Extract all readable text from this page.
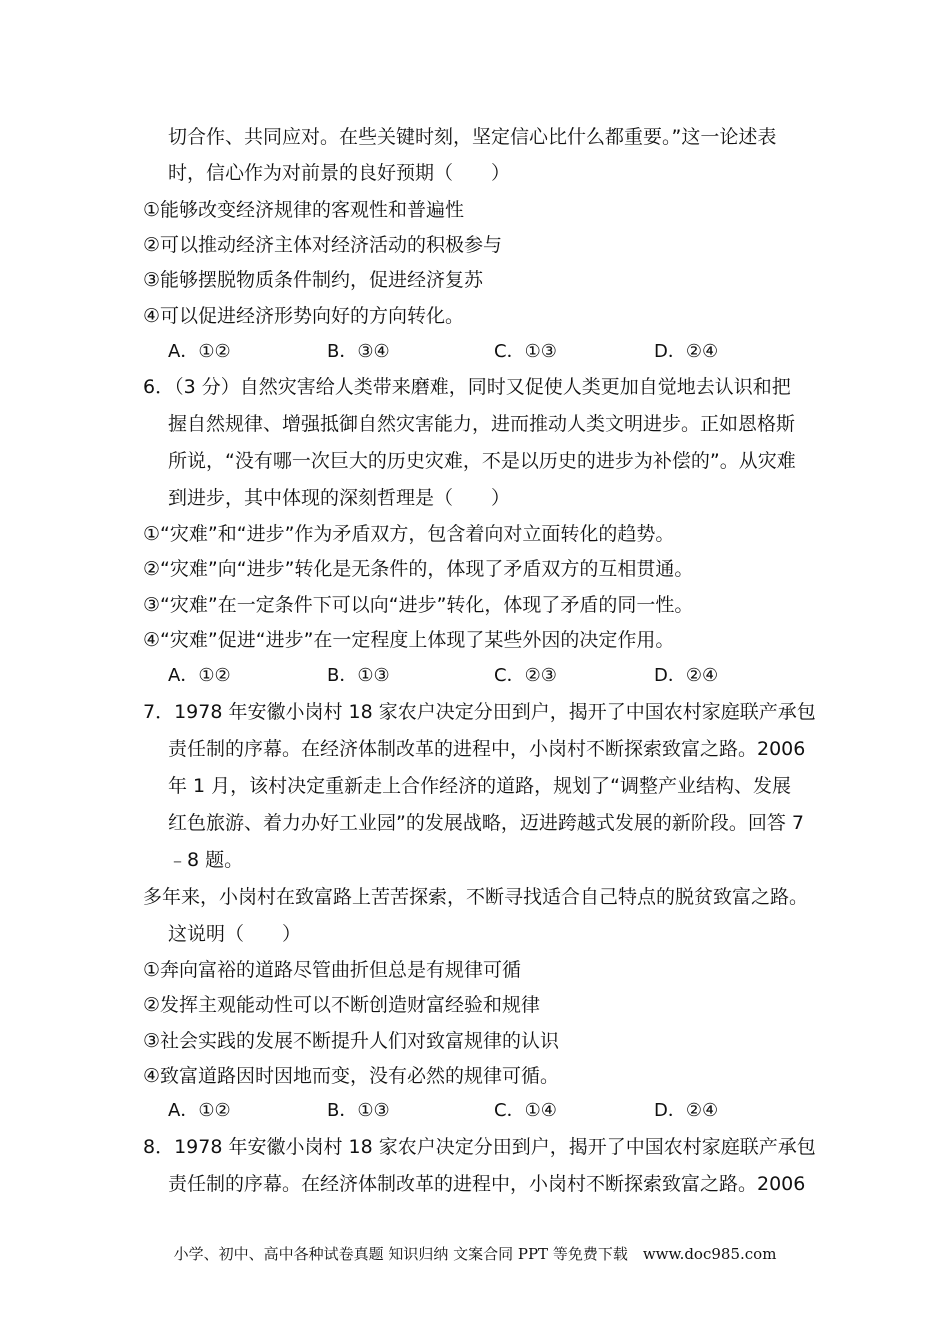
切合作、共同应对。在些关键时刻，坚定信心比什么都重要。”这一论述表
时，信心作为对前景的良好预期（　　）
①能够改变经济规律的客观性和普遍性
②可以推动经济主体对经济活动的积极参与
③能够摆脱物质条件制约，促进经济复苏
④可以促进经济形势向好的方向转化。
A．①②	B．③④	C．①③	D．②④
6．（3 分）自然灾害给人类带来磨难，同时又促使人类更加自觉地去认识和把
握自然规律、增强抵御自然灾害能力，进而推动人类文明进步。正如恩格斯
所说，“没有哪一次巨大的历史灾难，不是以历史的进步为补偿的”。从灾难
到进步，其中体现的深刻哲理是（　　）
①“灾难”和“进步”作为矛盾双方，包含着向对立面转化的趋势。
②“灾难”向“进步”转化是无条件的，体现了矛盾双方的互相贯通。
③“灾难”在一定条件下可以向“进步”转化，体现了矛盾的同一性。
④“灾难”促进“进步”在一定程度上体现了某些外因的决定作用。
A．①②	B．①③	C．②③	D．②④
7．1978 年安徽小岗村 18 家农户决定分田到户，揭开了中国农村家庭联产承包
责任制的序幕。在经济体制改革的进程中，小岗村不断探索致富之路。2006
年 1 月，该村决定重新走上合作经济的道路，规划了“调整产业结构、发展
红色旅游、着力办好工业园”的发展战略，迈进跨越式发展的新阶段。回答 7
﹣8 题。
多年来，小岗村在致富路上苦苦探索，不断寻找适合自己特点的脱贫致富之路。
这说明（　　）
①奔向富裕的道路尽管曲折但总是有规律可循
②发挥主观能动性可以不断创造财富经验和规律
③社会实践的发展不断提升人们对致富规律的认识
④致富道路因时因地而变，没有必然的规律可循。
A．①②	B．①③	C．①④	D．②④
8．1978 年安徽小岗村 18 家农户决定分田到户，揭开了中国农村家庭联产承包
责任制的序幕。在经济体制改革的进程中，小岗村不断探索致富之路。2006
小学、初中、高中各种试卷真题 知识归纳 文案合同 PPT 等免费下载　www.doc985.com
